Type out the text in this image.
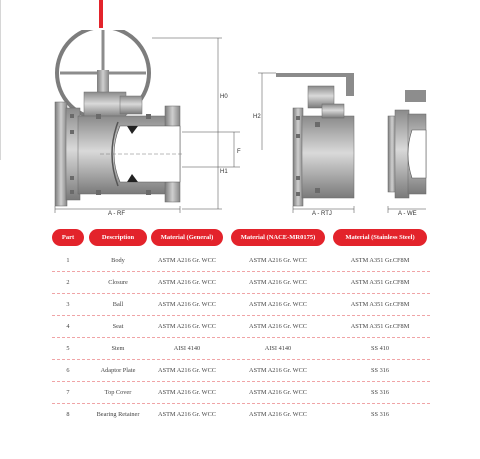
H0
H1
F
A - RF
H2
A - RTJ	A - WE
Part	Description	Material (General)	Material (NACE-MR0175)	Material (Stainless Steel)
1	Body	ASTM A216 Gr. WCC	ASTM A216 Gr. WCC	ASTM A351 Gr.CF8M
2	Closure	ASTM A216 Gr. WCC	ASTM A216 Gr. WCC	ASTM A351 Gr.CF8M
3	Ball	ASTM A216 Gr. WCC	ASTM A216 Gr. WCC	ASTM A351 Gr.CF8M
4	Seat	ASTM A216 Gr. WCC	ASTM A216 Gr. WCC	ASTM A351 Gr.CF8M
5	Stem	AISI 4140	AISI 4140	SS 410
6	Adaptor Plate	ASTM A216 Gr. WCC	ASTM A216 Gr. WCC	SS 316
7	Top Cover	ASTM A216 Gr. WCC	ASTM A216 Gr. WCC	SS 316
8	Bearing Retainer	ASTM A216 Gr. WCC	ASTM A216 Gr. WCC	SS 316
